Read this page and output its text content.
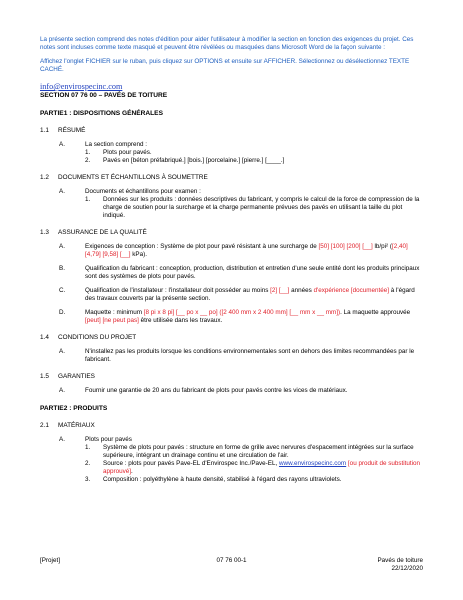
La présente section comprend des notes d'édition pour aider l'utilisateur à modifier la section en fonction des exigences du projet. Ces notes sont incluses comme texte masqué et peuvent être révélées ou masquées dans Microsoft Word de la façon suivante :
Affichez l'onglet FICHIER sur le ruban, puis cliquez sur OPTIONS et ensuite sur AFFICHER. Sélectionnez ou désélectionnez TEXTE CACHÉ.
info@envirospecinc.com
SECTION 07 76 00 – PAVÉS DE TOITURE
PARTIE1 : DISPOSITIONS GÉNÉRALES
1.1	RÉSUMÉ
A.	La section comprend :
1.	Plots pour pavés.
2.	Pavés en [béton préfabriqué.] [bois.] [porcelaine.] [pierre.] [____.]
1.2	DOCUMENTS ET ÉCHANTILLONS À SOUMETTRE
A.	Documents et échantillons pour examen :
1.	Données sur les produits : données descriptives du fabricant, y compris le calcul de la force de compression de la charge de soutien pour la surcharge et la charge permanente prévues des pavés en utilisant la taille du plot indiqué.
1.3	ASSURANCE DE LA QUALITÉ
A.	Exigences de conception : Système de plot pour pavé résistant à une surcharge de [50] [100] [200] [__] lb/pi² ([2,40] [4,79] [9,58] [__] kPa).
B.	Qualification du fabricant : conception, production, distribution et entretien d'une seule entité dont les produits principaux sont des systèmes de plots pour pavés.
C.	Qualification de l'installateur : l'installateur doit posséder au moins [2] [__] années d'expérience [documentée] à l'égard des travaux couverts par la présente section.
D.	Maquette : minimum [8 pi x 8 pi] [__ po x __ po] ([2 400 mm x 2 400 mm] [__ mm x __ mm]). La maquette approuvée [peut] [ne peut pas] être utilisée dans les travaux.
1.4	CONDITIONS DU PROJET
A.	N'installez pas les produits lorsque les conditions environnementales sont en dehors des limites recommandées par le fabricant.
1.5	GARANTIES
A.	Fournir une garantie de 20 ans du fabricant de plots pour pavés contre les vices de matériaux.
PARTIE2 : PRODUITS
2.1	MATÉRIAUX
A.	Plots pour pavés
1.	Système de plots pour pavés : structure en forme de grille avec nervures d'espacement intégrées sur la surface supérieure, intégrant un drainage continu et une circulation de l'air.
2.	Source : plots pour pavés Pave-EL d'Envirospec Inc./Pave-EL, www.envirospecinc.com [ou produit de substitution approuvé].
3.	Composition : polyéthylène à haute densité, stabilisé à l'égard des rayons ultraviolets.
[Projet]	07 76 00-1	Pavés de toiture
22/12/2020
